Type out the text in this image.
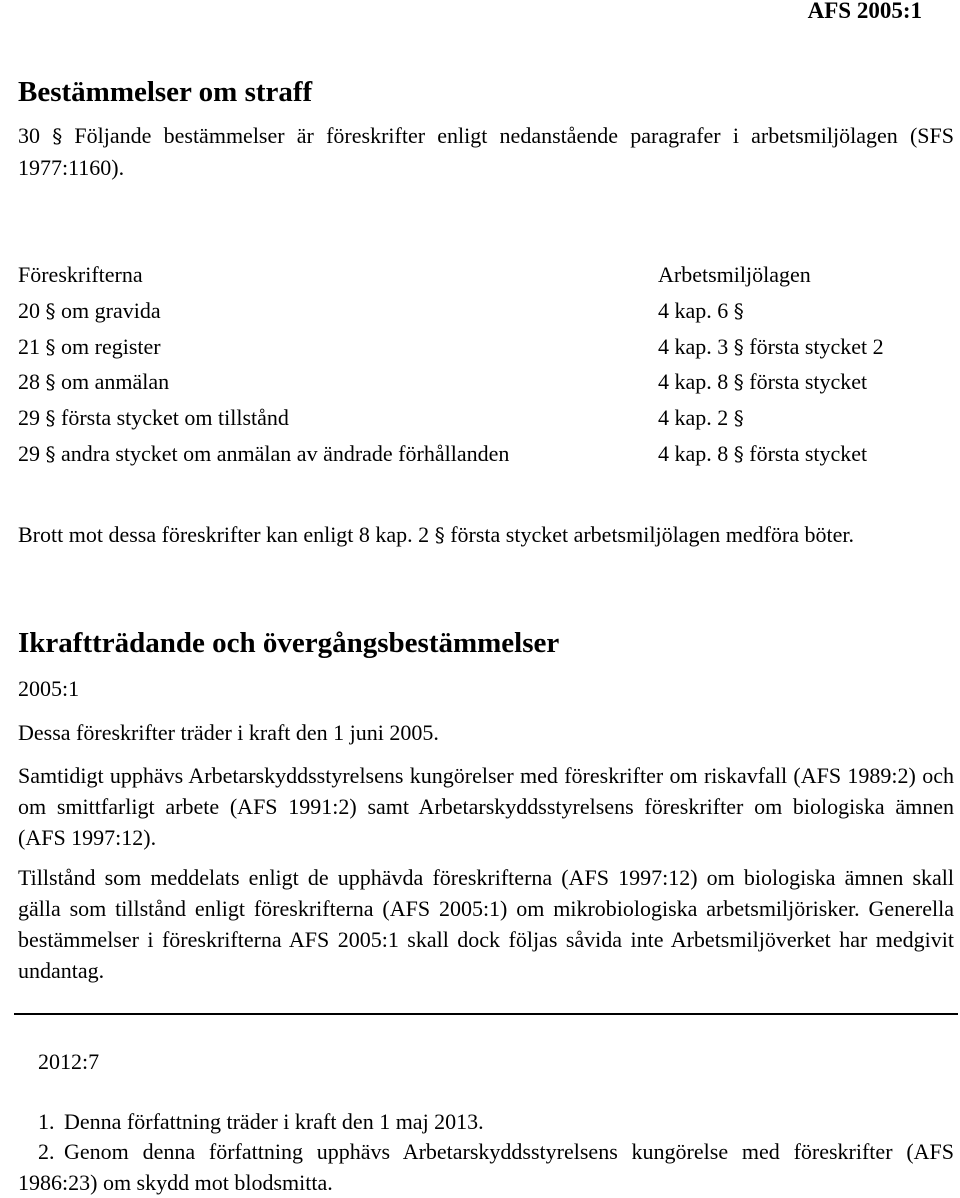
AFS 2005:1
Bestämmelser om straff
30 § Följande bestämmelser är föreskrifter enligt nedanstående paragrafer i arbetsmiljölagen (SFS 1977:1160).
Föreskrifterna	Arbetsmiljölagen
20 § om gravida	4 kap. 6 §
21 § om register	4 kap. 3 § första stycket 2
28 § om anmälan	4 kap. 8 § första stycket
29 § första stycket om tillstånd	4 kap. 2 §
29 § andra stycket om anmälan av ändrade förhållanden	4 kap. 8 § första stycket
Brott mot dessa föreskrifter kan enligt 8 kap. 2 § första stycket arbetsmiljölagen medföra böter.
Ikraftträdande och övergångsbestämmelser
2005:1
Dessa föreskrifter träder i kraft den 1 juni 2005.
Samtidigt upphävs Arbetarskyddsstyrelsens kungörelser med föreskrifter om riskavfall (AFS 1989:2) och om smittfarligt arbete (AFS 1991:2) samt Arbetarskyddsstyrelsens föreskrifter om biologiska ämnen (AFS 1997:12).
Tillstånd som meddelats enligt de upphävda föreskrifterna (AFS 1997:12) om biologiska ämnen skall gälla som tillstånd enligt föreskrifterna (AFS 2005:1) om mikrobiologiska arbetsmiljörisker. Generella bestämmelser i föreskrifterna AFS 2005:1 skall dock följas såvida inte Arbetsmiljöverket har medgivit undantag.
2012:7
1. Denna författning träder i kraft den 1 maj 2013.
2. Genom denna författning upphävs Arbetarskyddsstyrelsens kungörelse med föreskrifter (AFS 1986:23) om skydd mot blodsmitta.
